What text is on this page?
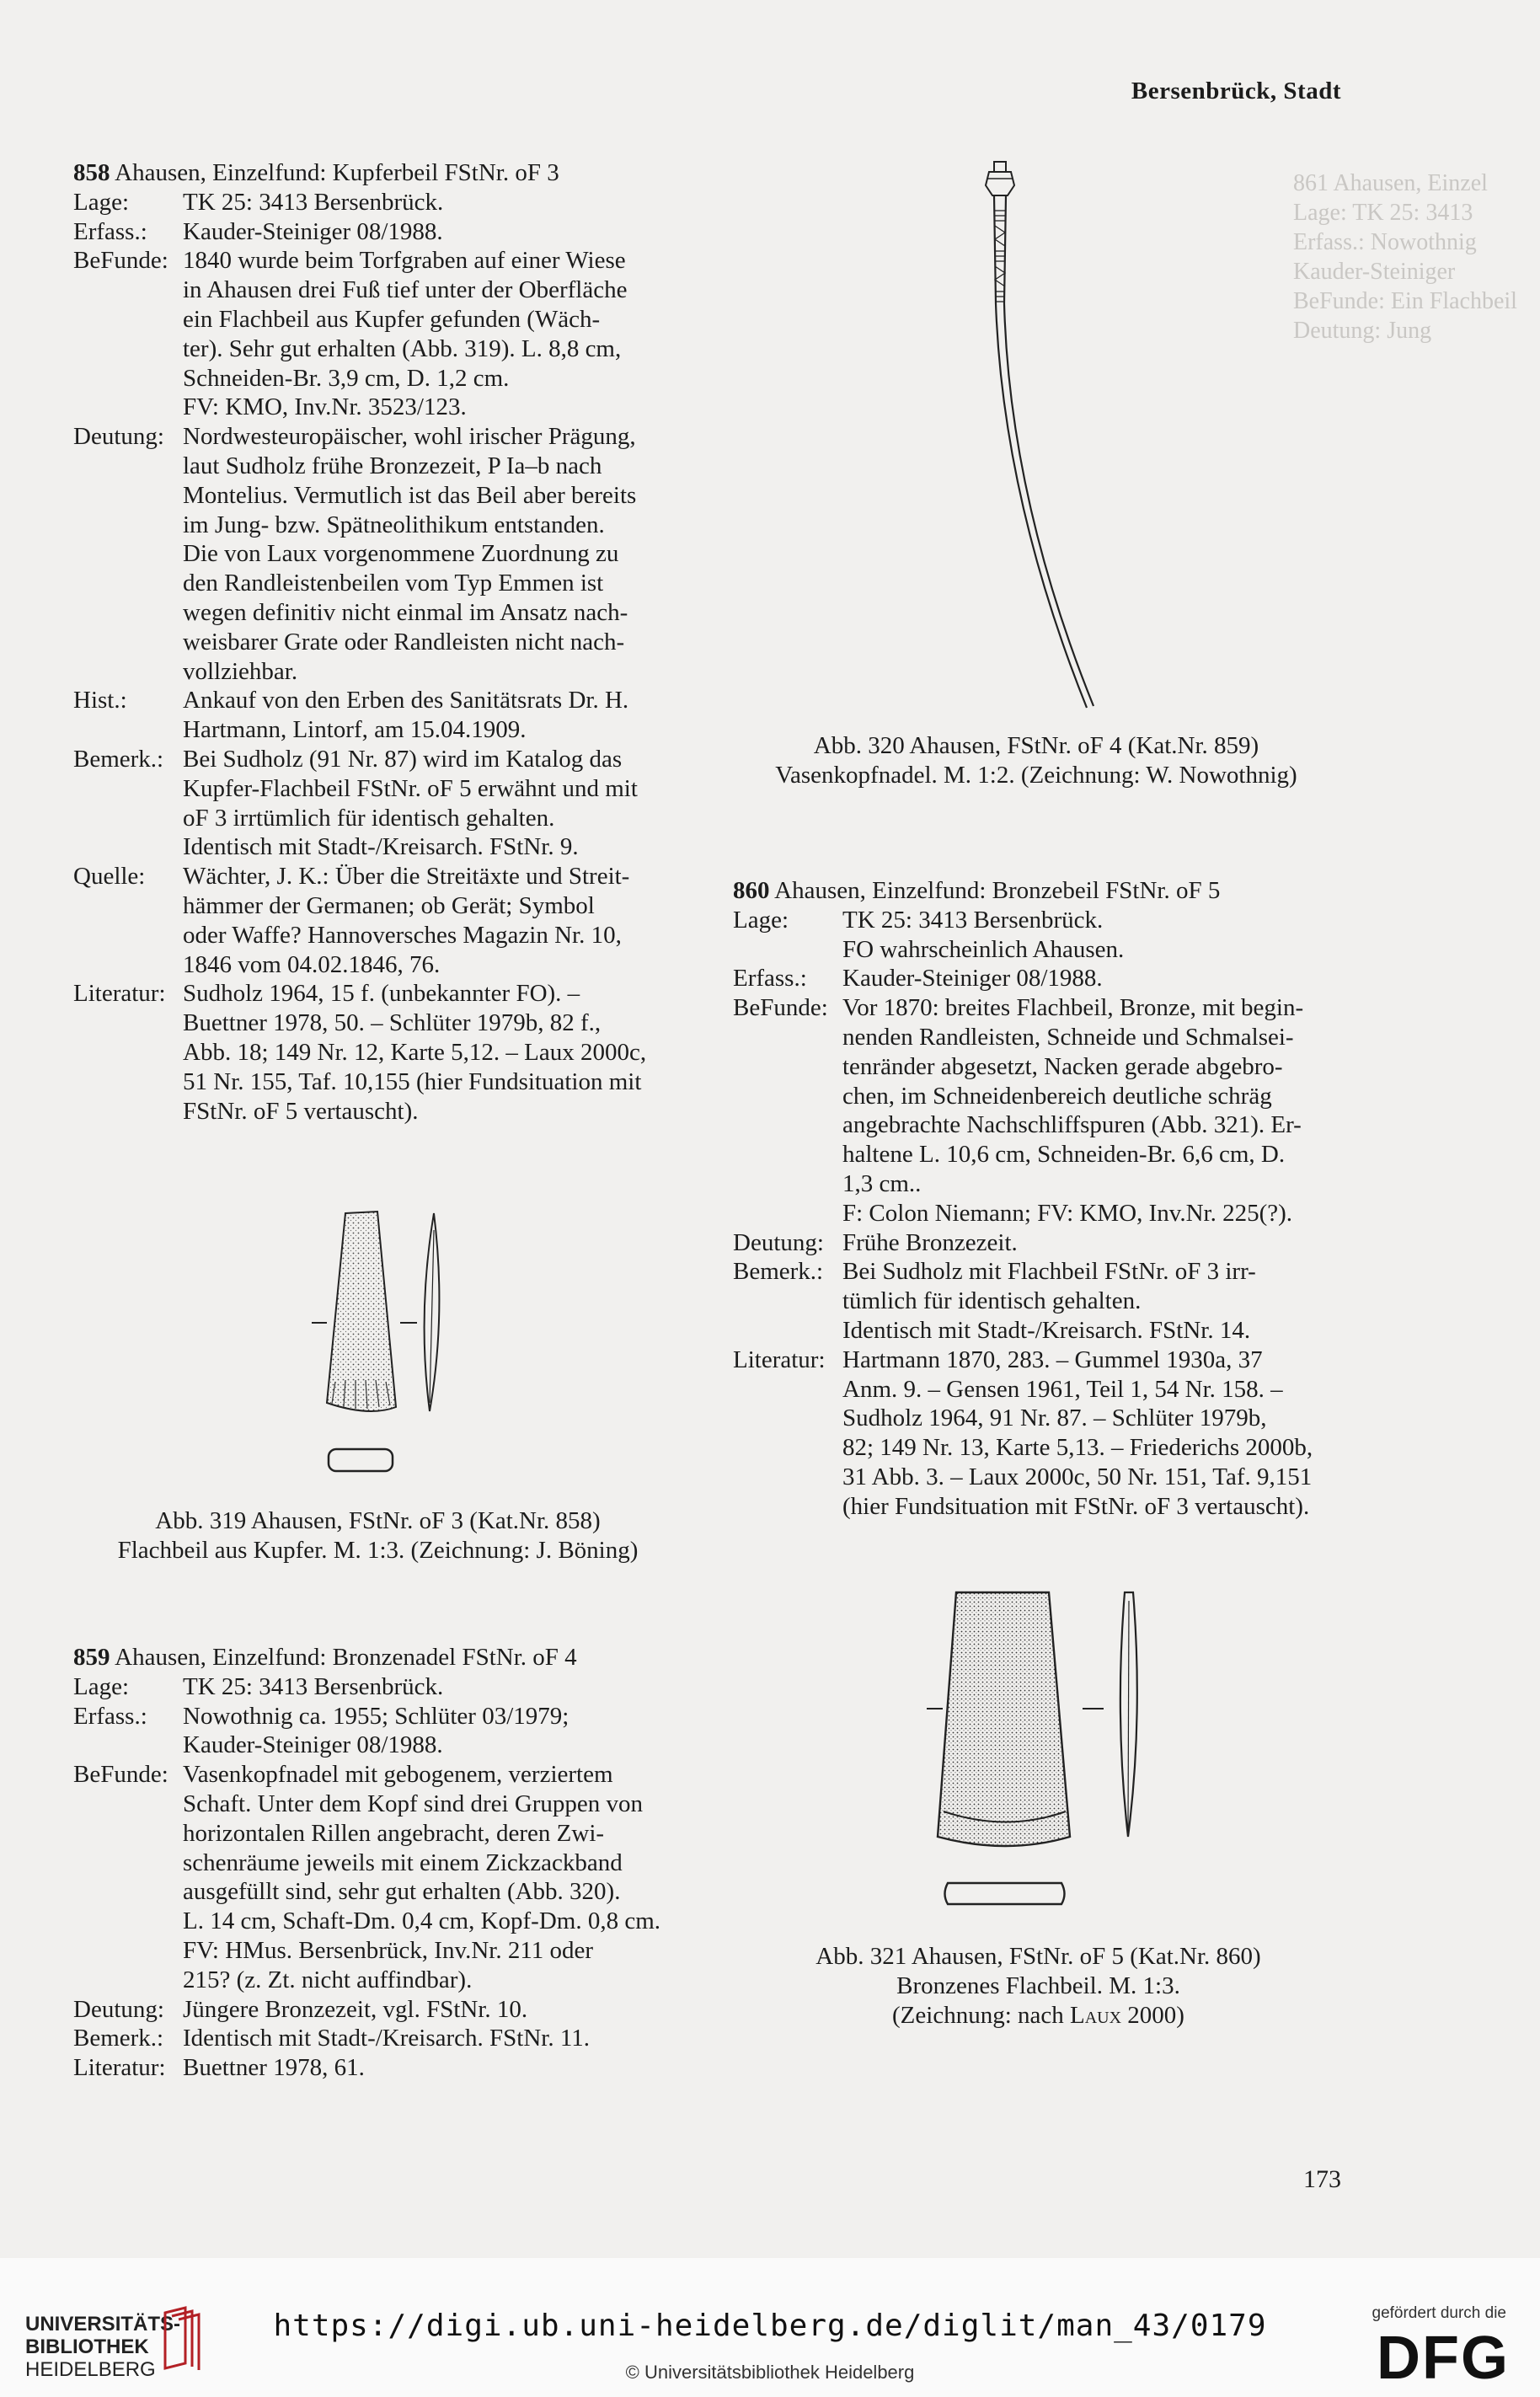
861 Ahausen, Einzel
Lage: TK 25: 3413
Erfass.: Nowothnig
Kauder-Steiniger
BeFunde: Ein Flachbeil
Deutung: Jung
Bersenbrück, Stadt
858 Ahausen, Einzelfund: Kupferbeil FStNr. oF 3
Lage:	TK 25: 3413 Bersenbrück.
Erfass.:	Kauder-Steiniger 08/1988.
BeFunde: 1840 wurde beim Torfgraben auf einer Wiese
in Ahausen drei Fuß tief unter der Oberfläche
ein Flachbeil aus Kupfer gefunden (Wäch-
ter). Sehr gut erhalten (Abb. 319). L. 8,8 cm,
Schneiden-Br. 3,9 cm, D. 1,2 cm.
FV: KMO, Inv.Nr. 3523/123.
Deutung: Nordwesteuropäischer, wohl irischer Prägung,
laut Sudholz frühe Bronzezeit, P Ia–b nach
Montelius. Vermutlich ist das Beil aber bereits
im Jung- bzw. Spätneolithikum entstanden.
Die von Laux vorgenommene Zuordnung zu
den Randleistenbeilen vom Typ Emmen ist
wegen definitiv nicht einmal im Ansatz nach-
weisbarer Grate oder Randleisten nicht nach-
vollziehbar.
Hist.:	Ankauf von den Erben des Sanitätsrats Dr. H.
Hartmann, Lintorf, am 15.04.1909.
Bemerk.: Bei Sudholz (91 Nr. 87) wird im Katalog das
Kupfer-Flachbeil FStNr. oF 5 erwähnt und mit
oF 3 irrtümlich für identisch gehalten.
Identisch mit Stadt-/Kreisarch. FStNr. 9.
Quelle:	Wächter, J. K.: Über die Streitäxte und Streit-
hämmer der Germanen; ob Gerät; Symbol
oder Waffe? Hannoversches Magazin Nr. 10,
1846 vom 04.02.1846, 76.
Literatur: Sudholz 1964, 15 f. (unbekannter FO). –
Buettner 1978, 50. – Schlüter 1979b, 82 f.,
Abb. 18; 149 Nr. 12, Karte 5,12. – Laux 2000c,
51 Nr. 155, Taf. 10,155 (hier Fundsituation mit
FStNr. oF 5 vertauscht).
Abb. 319 Ahausen, FStNr. oF 3 (Kat.Nr. 858)
Flachbeil aus Kupfer. M. 1:3. (Zeichnung: J. Böning)
859 Ahausen, Einzelfund: Bronzenadel FStNr. oF 4
Lage:	TK 25: 3413 Bersenbrück.
Erfass.:	Nowothnig ca. 1955; Schlüter 03/1979;
Kauder-Steiniger 08/1988.
BeFunde: Vasenkopfnadel mit gebogenem, verziertem
Schaft. Unter dem Kopf sind drei Gruppen von
horizontalen Rillen angebracht, deren Zwi-
schenräume jeweils mit einem Zickzackband
ausgefüllt sind, sehr gut erhalten (Abb. 320).
L. 14 cm, Schaft-Dm. 0,4 cm, Kopf-Dm. 0,8 cm.
FV: HMus. Bersenbrück, Inv.Nr. 211 oder
215? (z. Zt. nicht auffindbar).
Deutung: Jüngere Bronzezeit, vgl. FStNr. 10.
Bemerk.: Identisch mit Stadt-/Kreisarch. FStNr. 11.
Literatur: Buettner 1978, 61.
Abb. 320 Ahausen, FStNr. oF 4 (Kat.Nr. 859)
Vasenkopfnadel. M. 1:2. (Zeichnung: W. Nowothnig)
860 Ahausen, Einzelfund: Bronzebeil FStNr. oF 5
Lage:	TK 25: 3413 Bersenbrück.
FO wahrscheinlich Ahausen.
Erfass.:	Kauder-Steiniger 08/1988.
BeFunde: Vor 1870: breites Flachbeil, Bronze, mit begin-
nenden Randleisten, Schneide und Schmalsei-
tenränder abgesetzt, Nacken gerade abgebro-
chen, im Schneidenbereich deutliche schräg
angebrachte Nachschliffspuren (Abb. 321). Er-
haltene L. 10,6 cm, Schneiden-Br. 6,6 cm, D.
1,3 cm..
F: Colon Niemann; FV: KMO, Inv.Nr. 225(?).
Deutung: Frühe Bronzezeit.
Bemerk.: Bei Sudholz mit Flachbeil FStNr. oF 3 irr-
tümlich für identisch gehalten.
Identisch mit Stadt-/Kreisarch. FStNr. 14.
Literatur: Hartmann 1870, 283. – Gummel 1930a, 37
Anm. 9. – Gensen 1961, Teil 1, 54 Nr. 158. –
Sudholz 1964, 91 Nr. 87. – Schlüter 1979b,
82; 149 Nr. 13, Karte 5,13. – Friederichs 2000b,
31 Abb. 3. – Laux 2000c, 50 Nr. 151, Taf. 9,151
(hier Fundsituation mit FStNr. oF 3 vertauscht).
Abb. 321 Ahausen, FStNr. oF 5 (Kat.Nr. 860)
Bronzenes Flachbeil. M. 1:3.
(Zeichnung: nach Laux 2000)
173
UNIVERSITÄTS-
BIBLIOTHEK
HEIDELBERG
https://digi.ub.uni-heidelberg.de/diglit/man_43/0179
© Universitätsbibliothek Heidelberg
gefördert durch die
DFG
